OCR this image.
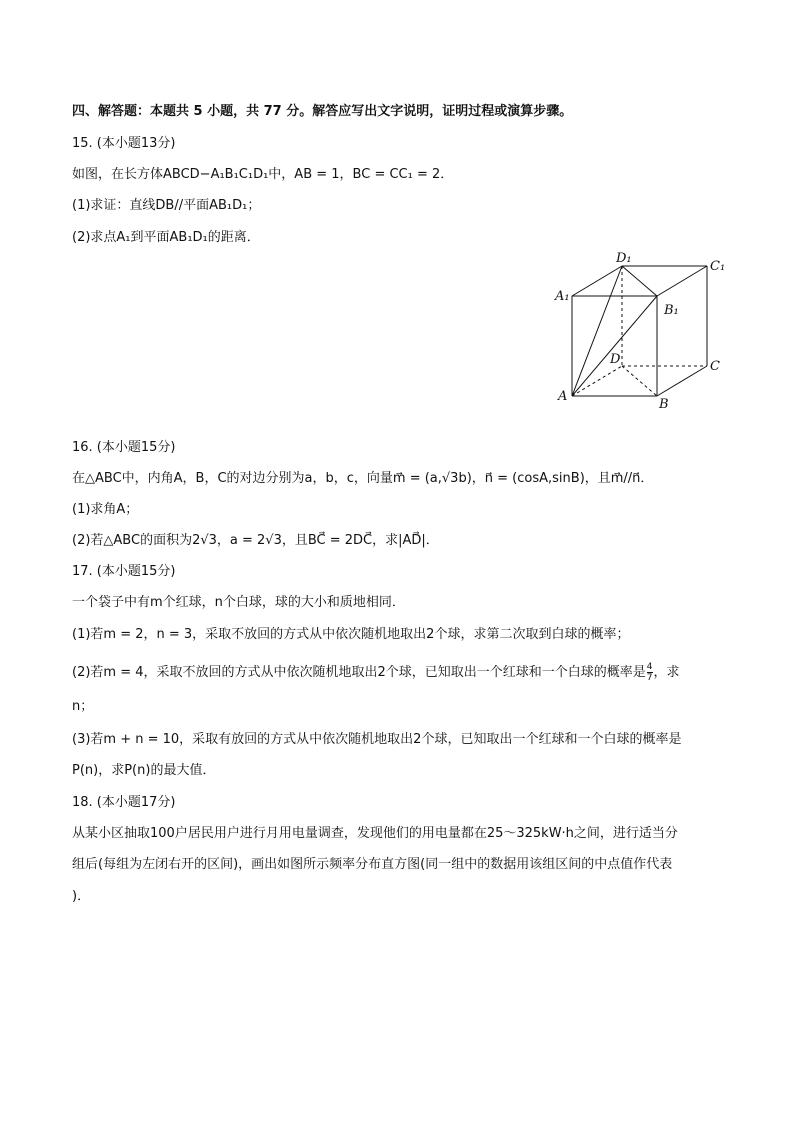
四、解答题：本题共 5 小题，共 77 分。解答应写出文字说明，证明过程或演算步骤。
15. (本小题13分)
如图，在长方体ABCD−A₁B₁C₁D₁中，AB = 1，BC = CC₁ = 2．
(1)求证：直线DB//平面AB₁D₁；
(2)求点A₁到平面AB₁D₁的距离．
D₁
C₁
A₁
B₁
D	C
A
B
16. (本小题15分)
在△ABC中，内角A，B，C的对边分别为a，b，c，向量m⃗ = (a,√3b)，n⃗ = (cosA,sinB)，且m⃗//n⃗．
(1)求角A；
(2)若△ABC的面积为2√3，a = 2√3，且BC⃗ = 2DC⃗，求|AD⃗|．
17. (本小题15分)
一个袋子中有m个红球，n个白球，球的大小和质地相同．
(1)若m = 2，n = 3，采取不放回的方式从中依次随机地取出2个球，求第二次取到白球的概率；
(2)若m = 4，采取不放回的方式从中依次随机地取出2个球，已知取出一个红球和一个白球的概率是 $\frac{4}{7}$ ，求
n；
(3)若m + n = 10，采取有放回的方式从中依次随机地取出2个球，已知取出一个红球和一个白球的概率是
P(n)，求P(n)的最大值．
18. (本小题17分)
从某小区抽取100户居民用户进行月用电量调查，发现他们的用电量都在25～325kW·h之间，进行适当分
组后(每组为左闭右开的区间)，画出如图所示频率分布直方图(同一组中的数据用该组区间的中点值作代表
)．
